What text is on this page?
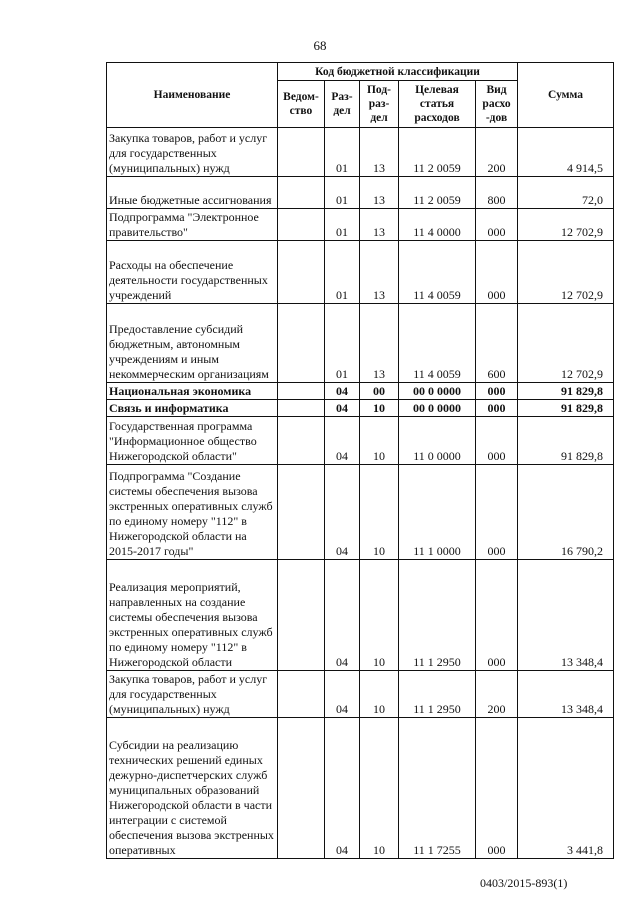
68
Наименование	Код бюджетной классификации					Сумма
	Ведом-ство	Раз-дел	Под-раз-дел	Целевая статья расходов	Вид расхо -дов	
Закупка товаров, работ и услуг для государственных (муниципальных) нужд		01	13	11 2 0059	200	4 914,5
Иные бюджетные ассигнования		01	13	11 2 0059	800	72,0
Подпрограмма "Электронное правительство"		01	13	11 4 0000	000	12 702,9
Расходы на обеспечение деятельности государственных учреждений		01	13	11 4 0059	000	12 702,9
Предоставление субсидий бюджетным, автономным учреждениям и иным некоммерческим организациям		01	13	11 4 0059	600	12 702,9
Национальная экономика		04	00	00 0 0000	000	91 829,8
Связь и информатика		04	10	00 0 0000	000	91 829,8
Государственная программа "Информационное общество Нижегородской области"		04	10	11 0 0000	000	91 829,8
Подпрограмма "Создание системы обеспечения вызова экстренных оперативных служб по единому номеру "112" в Нижегородской области на 2015-2017 годы"		04	10	11 1 0000	000	16 790,2
Реализация мероприятий, направленных на создание системы обеспечения вызова экстренных оперативных служб по единому номеру "112" в Нижегородской области		04	10	11 1 2950	000	13 348,4
Закупка товаров, работ и услуг для государственных (муниципальных) нужд		04	10	11 1 2950	200	13 348,4
Субсидии на реализацию технических решений единых дежурно-диспетчерских служб муниципальных образований Нижегородской области в части интеграции с системой обеспечения вызова экстренных оперативных		04	10	11 1 7255	000	3 441,8
0403/2015-893(1)
